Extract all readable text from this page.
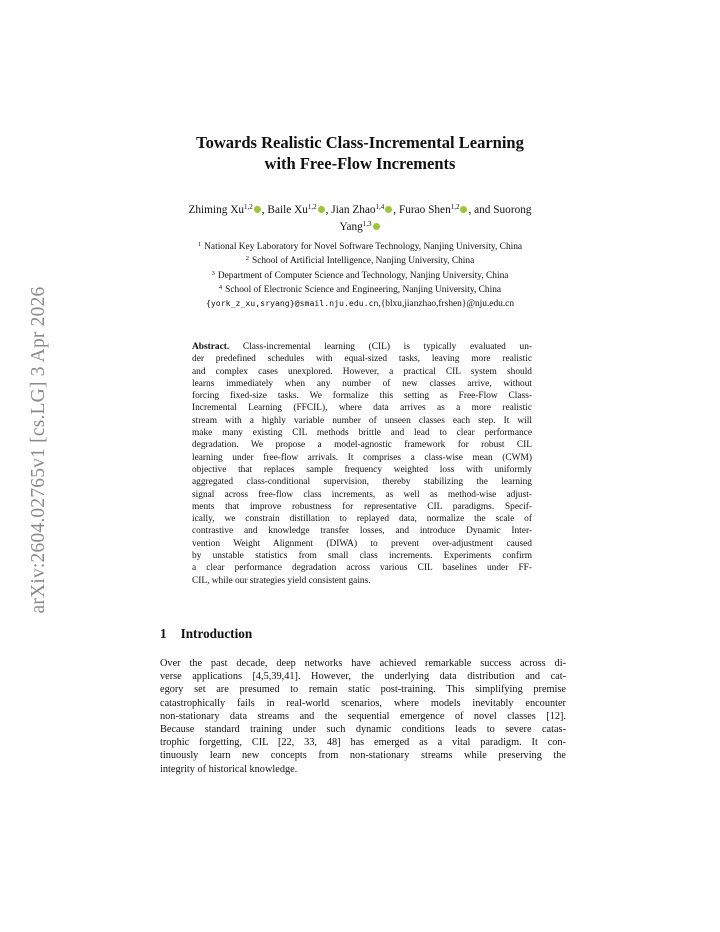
arXiv:2604.02765v1 [cs.LG] 3 Apr 2026
Towards Realistic Class-Incremental Learning
with Free-Flow Increments
Zhiming Xu$^{1,2}$ , Baile Xu$^{1,2}$ , Jian Zhao$^{1,4}$ , Furao Shen$^{1,2}$ , and Suorong
Yang$^{1,3}$
$^1$ National Key Laboratory for Novel Software Technology, Nanjing University, China
$^2$ School of Artificial Intelligence, Nanjing University, China
$^3$ Department of Computer Science and Technology, Nanjing University, China
$^4$ School of Electronic Science and Engineering, Nanjing University, China
{york_z_xu,sryang}@smail.nju.edu.cn,{blxu,jianzhao,frshen}@nju.edu.cn
Abstract. Class-incremental learning (CIL) is typically evaluated un-
der predefined schedules with equal-sized tasks, leaving more realistic
and complex cases unexplored. However, a practical CIL system should
learns immediately when any number of new classes arrive, without
forcing fixed-size tasks. We formalize this setting as Free-Flow Class-
Incremental Learning (FFCIL), where data arrives as a more realistic
stream with a highly variable number of unseen classes each step. It will
make many existing CIL methods brittle and lead to clear performance
degradation. We propose a model-agnostic framework for robust CIL
learning under free-flow arrivals. It comprises a class-wise mean (CWM)
objective that replaces sample frequency weighted loss with uniformly
aggregated class-conditional supervision, thereby stabilizing the learning
signal across free-flow class increments, as well as method-wise adjust-
ments that improve robustness for representative CIL paradigms. Specif-
ically, we constrain distillation to replayed data, normalize the scale of
contrastive and knowledge transfer losses, and introduce Dynamic Inter-
vention Weight Alignment (DIWA) to prevent over-adjustment caused
by unstable statistics from small class increments. Experiments confirm
a clear performance degradation across various CIL baselines under FF-
CIL, while our strategies yield consistent gains.
1 Introduction
Over the past decade, deep networks have achieved remarkable success across di-
verse applications [4,5,39,41]. However, the underlying data distribution and cat-
egory set are presumed to remain static post-training. This simplifying premise
catastrophically fails in real-world scenarios, where models inevitably encounter
non-stationary data streams and the sequential emergence of novel classes [12].
Because standard training under such dynamic conditions leads to severe catas-
trophic forgetting, CIL [22, 33, 48] has emerged as a vital paradigm. It con-
tinuously learn new concepts from non-stationary streams while preserving the
integrity of historical knowledge.
